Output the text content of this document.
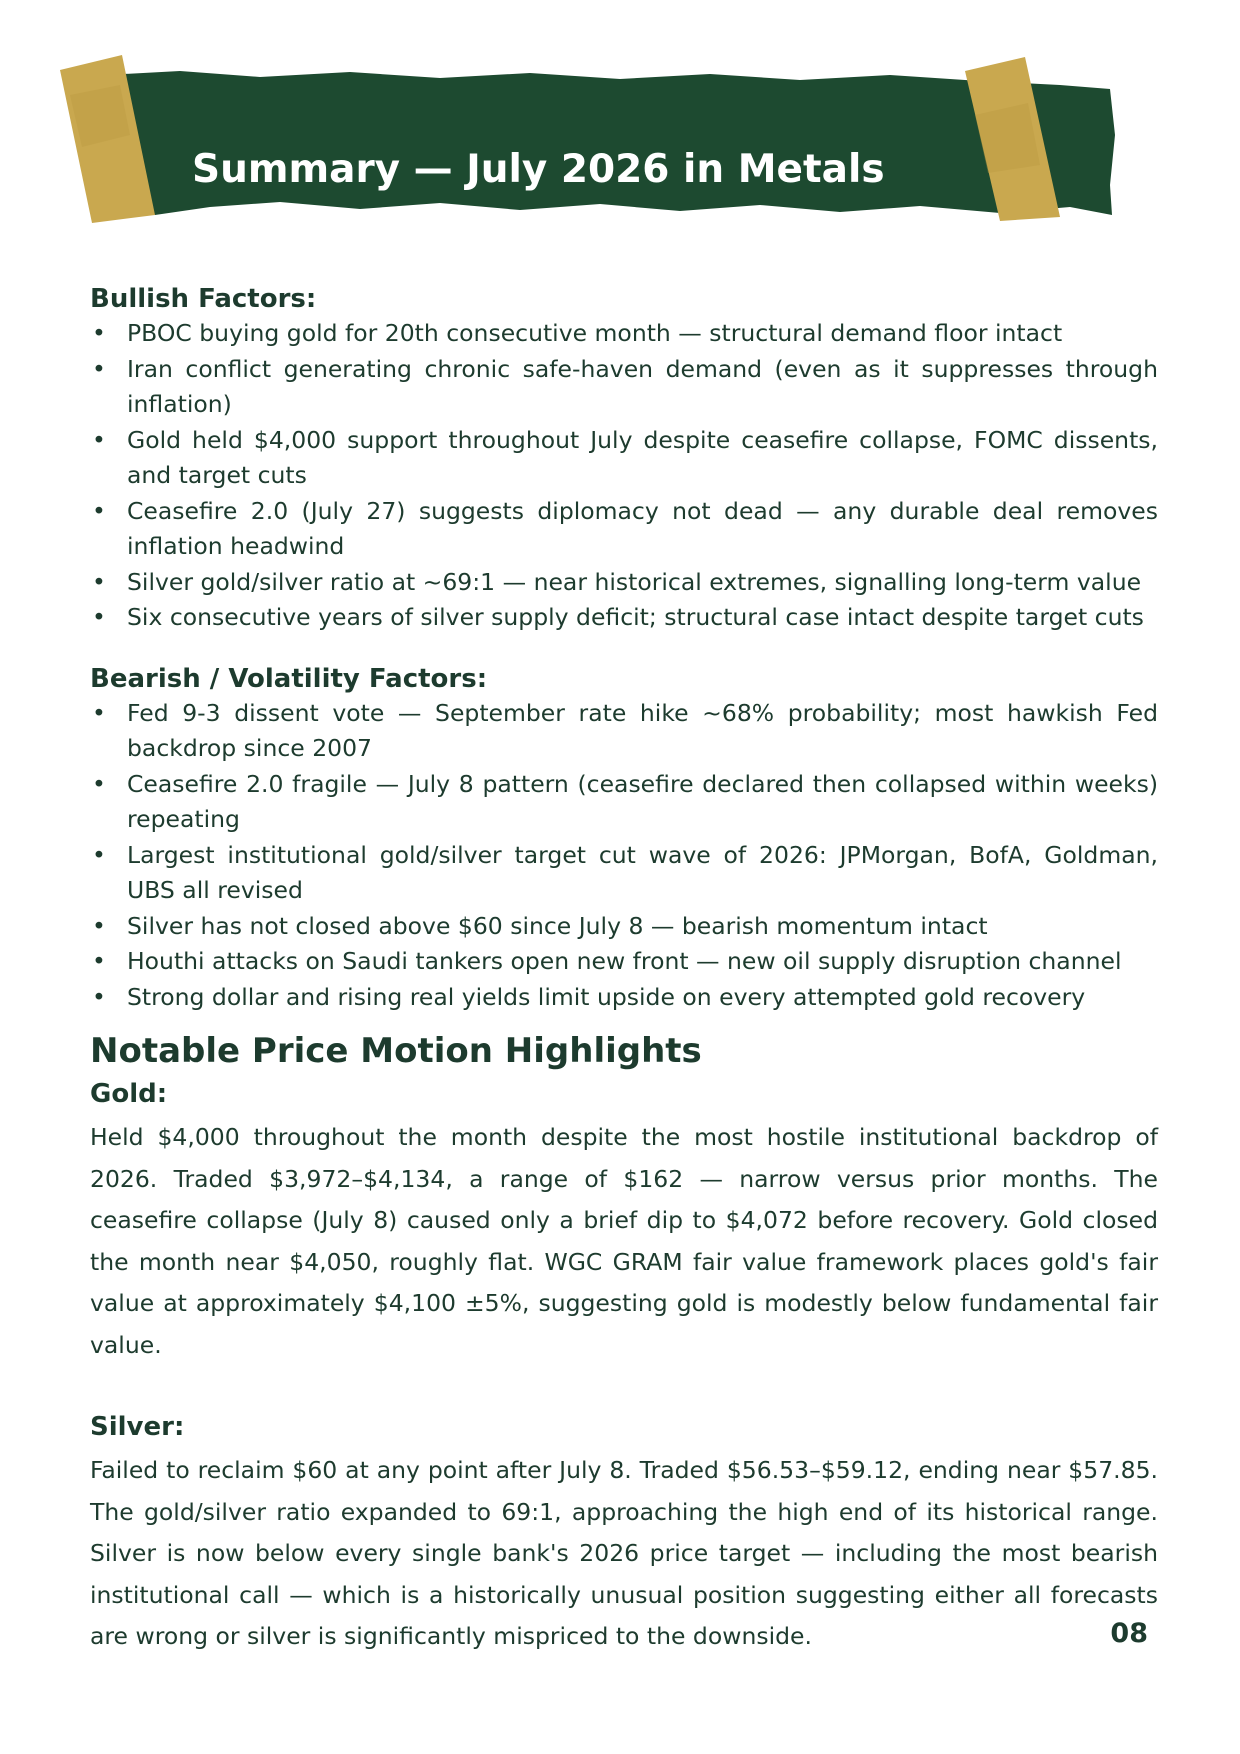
Summary — July 2026 in Metals

Bullish Factors:

• PBOC buying gold for 20th consecutive month — structural demand floor intact
• Iran conflict generating chronic safe-haven demand (even as it suppresses through inflation)
• Gold held $4,000 support throughout July despite ceasefire collapse, FOMC dissents, and target cuts
• Ceasefire 2.0 (July 27) suggests diplomacy not dead — any durable deal removes inflation headwind
• Silver gold/silver ratio at ~69:1 — near historical extremes, signalling long-term value
• Six consecutive years of silver supply deficit; structural case intact despite target cuts

Bearish / Volatility Factors:

• Fed 9-3 dissent vote — September rate hike ~68% probability; most hawkish Fed backdrop since 2007
• Ceasefire 2.0 fragile — July 8 pattern (ceasefire declared then collapsed within weeks) repeating
• Largest institutional gold/silver target cut wave of 2026: JPMorgan, BofA, Goldman, UBS all revised
• Silver has not closed above $60 since July 8 — bearish momentum intact
• Houthi attacks on Saudi tankers open new front — new oil supply disruption channel
• Strong dollar and rising real yields limit upside on every attempted gold recovery
Notable Price Motion Highlights

Gold:

Held $4,000 throughout the month despite the most hostile institutional backdrop of 2026. Traded $3,972–$4,134, a range of $162 — narrow versus prior months. The ceasefire collapse (July 8) caused only a brief dip to $4,072 before recovery. Gold closed the month near $4,050, roughly flat. WGC GRAM fair value framework places gold's fair value at approximately $4,100 ±5%, suggesting gold is modestly below fundamental fair value.

Silver:

Failed to reclaim $60 at any point after July 8. Traded $56.53–$59.12, ending near $57.85. The gold/silver ratio expanded to 69:1, approaching the high end of its historical range. Silver is now below every single bank's 2026 price target — including the most bearish institutional call — which is a historically unusual position suggesting either all forecasts are wrong or silver is significantly mispriced to the downside.	08
